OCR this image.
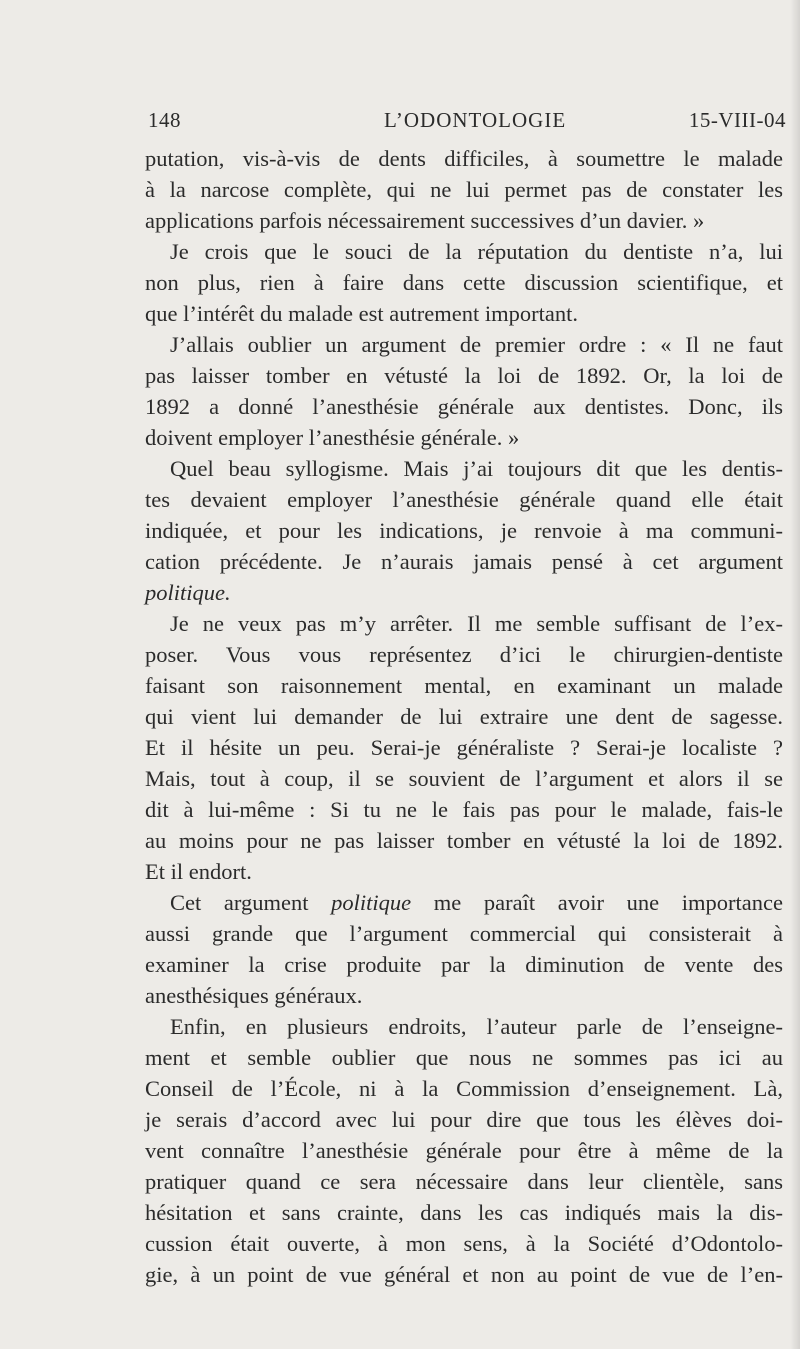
148	L’ODONTOLOGIE	15-VIII-04
putation, vis-à-vis de dents difficiles, à soumettre le malade
à la narcose complète, qui ne lui permet pas de constater les
applications parfois nécessairement successives d’un davier. »
Je crois que le souci de la réputation du dentiste n’a, lui
non plus, rien à faire dans cette discussion scientifique, et
que l’intérêt du malade est autrement important.
J’allais oublier un argument de premier ordre : « Il ne faut
pas laisser tomber en vétusté la loi de 1892. Or, la loi de
1892 a donné l’anesthésie générale aux dentistes. Donc, ils
doivent employer l’anesthésie générale. »
Quel beau syllogisme. Mais j’ai toujours dit que les dentis-
tes devaient employer l’anesthésie générale quand elle était
indiquée, et pour les indications, je renvoie à ma communi-
cation précédente. Je n’aurais jamais pensé à cet argument
politique.
Je ne veux pas m’y arrêter. Il me semble suffisant de l’ex-
poser. Vous vous représentez d’ici le chirurgien-dentiste
faisant son raisonnement mental, en examinant un malade
qui vient lui demander de lui extraire une dent de sagesse.
Et il hésite un peu. Serai-je généraliste ? Serai-je localiste ?
Mais, tout à coup, il se souvient de l’argument et alors il se
dit à lui-même : Si tu ne le fais pas pour le malade, fais-le
au moins pour ne pas laisser tomber en vétusté la loi de 1892.
Et il endort.
Cet argument politique me paraît avoir une importance
aussi grande que l’argument commercial qui consisterait à
examiner la crise produite par la diminution de vente des
anesthésiques généraux.
Enfin, en plusieurs endroits, l’auteur parle de l’enseigne-
ment et semble oublier que nous ne sommes pas ici au
Conseil de l’École, ni à la Commission d’enseignement. Là,
je serais d’accord avec lui pour dire que tous les élèves doi-
vent connaître l’anesthésie générale pour être à même de la
pratiquer quand ce sera nécessaire dans leur clientèle, sans
hésitation et sans crainte, dans les cas indiqués mais la dis-
cussion était ouverte, à mon sens, à la Société d’Odontolo-
gie, à un point de vue général et non au point de vue de l’en-
